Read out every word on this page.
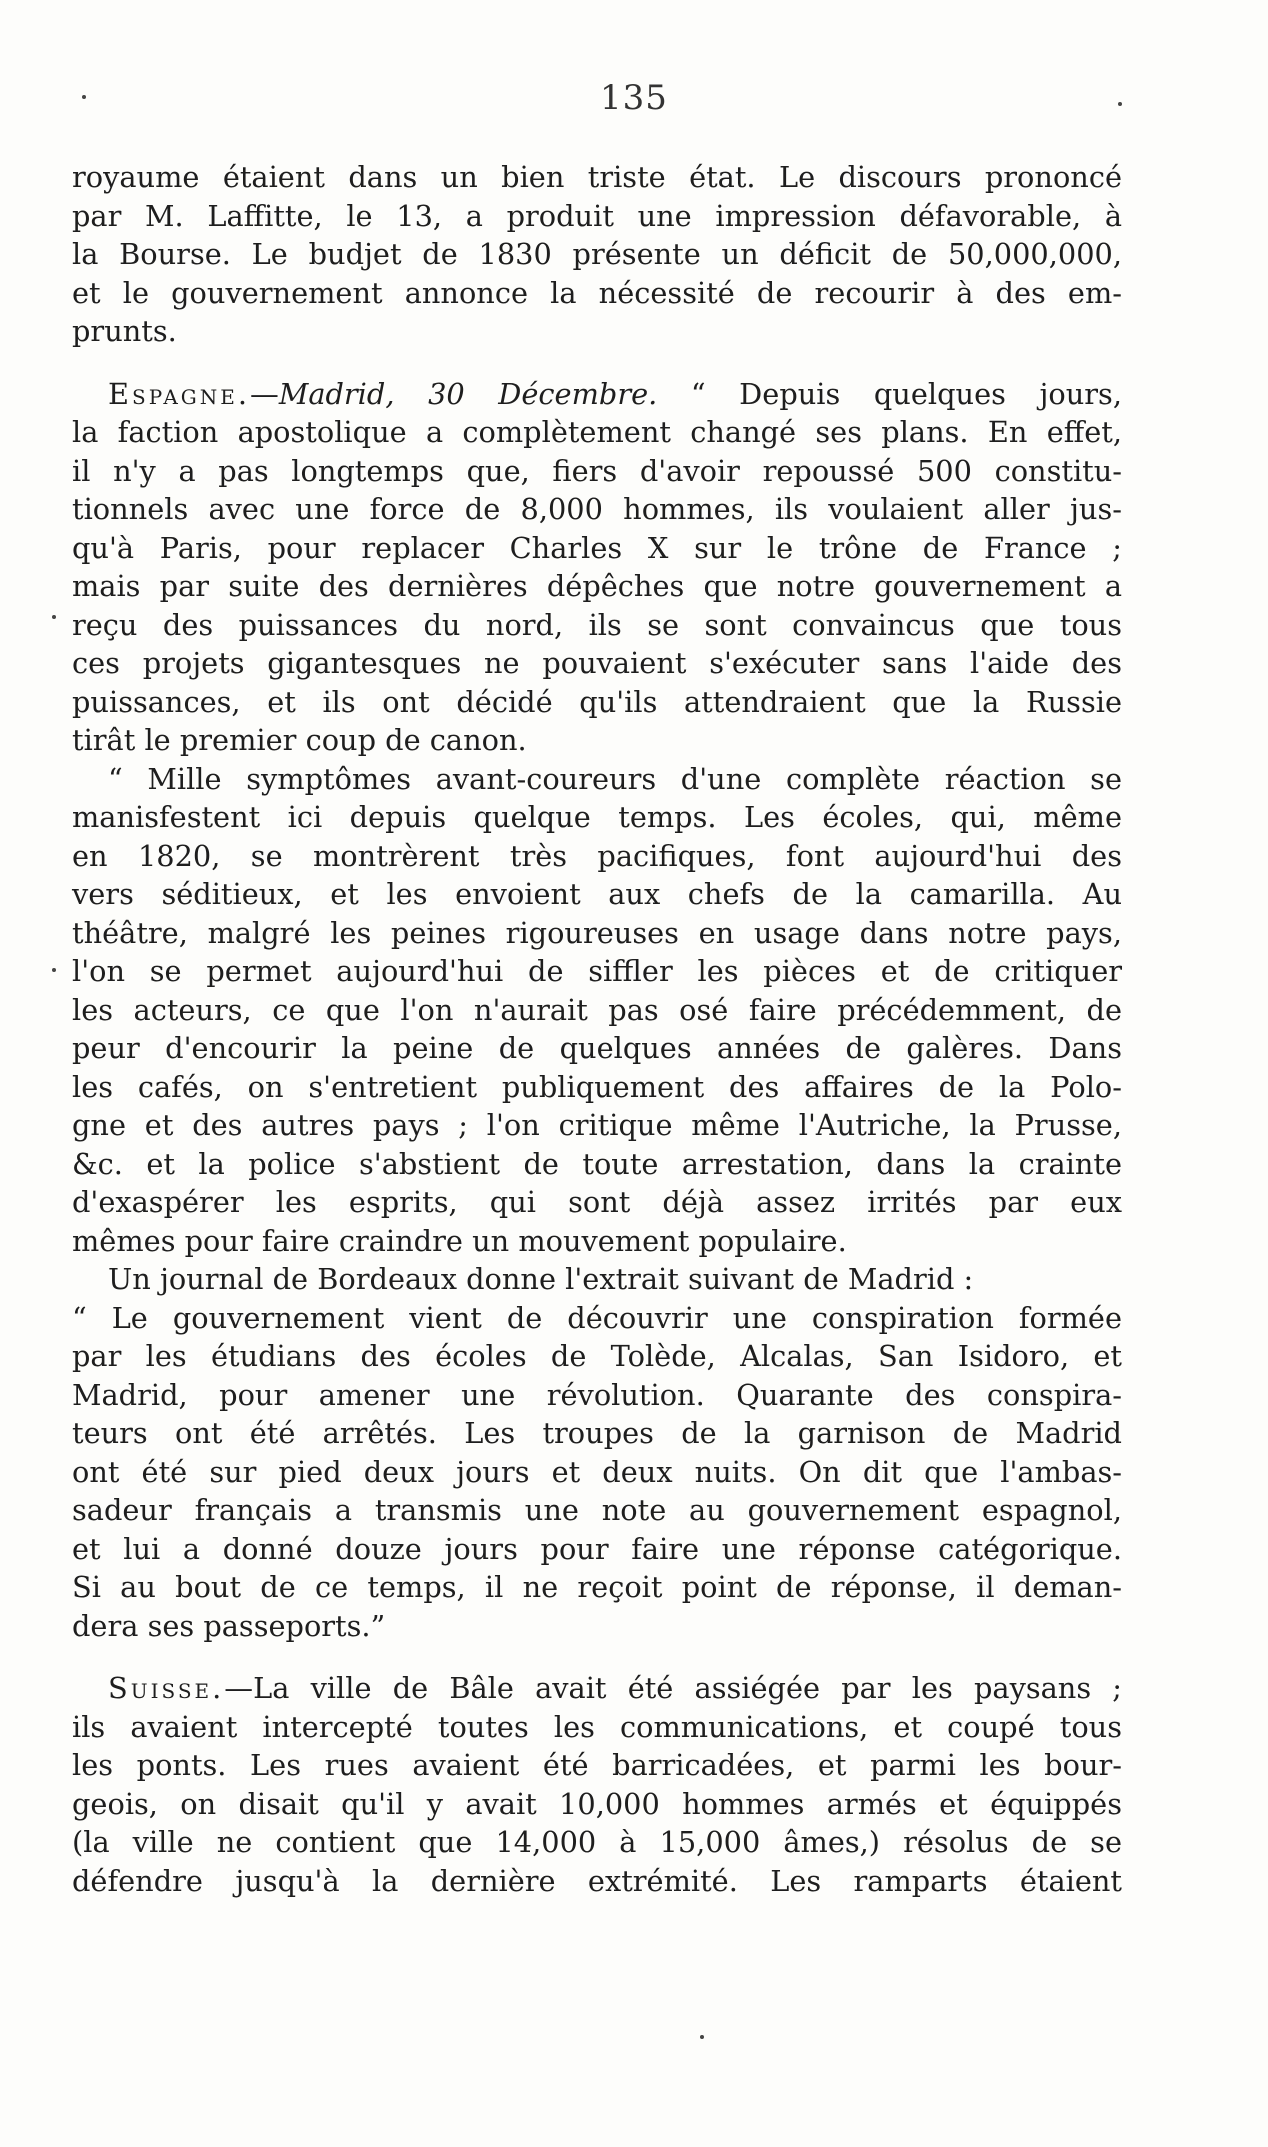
135
royaume étaient dans un bien triste état. Le discours prononcé
par M. Laffitte, le 13, a produit une impression défavorable, à
la Bourse. Le budjet de 1830 présente un déficit de 50,000,000,
et le gouvernement annonce la nécessité de recourir à des em-
prunts.
Espagne.—Madrid, 30 Décembre. “ Depuis quelques jours,
la faction apostolique a complètement changé ses plans. En effet,
il n'y a pas longtemps que, fiers d'avoir repoussé 500 constitu-
tionnels avec une force de 8,000 hommes, ils voulaient aller jus-
qu'à Paris, pour replacer Charles X sur le trône de France ;
mais par suite des dernières dépêches que notre gouvernement a
reçu des puissances du nord, ils se sont convaincus que tous
ces projets gigantesques ne pouvaient s'exécuter sans l'aide des
puissances, et ils ont décidé qu'ils attendraient que la Russie
tirât le premier coup de canon.
“ Mille symptômes avant-coureurs d'une complète réaction se
manisfestent ici depuis quelque temps. Les écoles, qui, même
en 1820, se montrèrent très pacifiques, font aujourd'hui des
vers séditieux, et les envoient aux chefs de la camarilla. Au
théâtre, malgré les peines rigoureuses en usage dans notre pays,
l'on se permet aujourd'hui de siffler les pièces et de critiquer
les acteurs, ce que l'on n'aurait pas osé faire précédemment, de
peur d'encourir la peine de quelques années de galères. Dans
les cafés, on s'entretient publiquement des affaires de la Polo-
gne et des autres pays ; l'on critique même l'Autriche, la Prusse,
&c. et la police s'abstient de toute arrestation, dans la crainte
d'exaspérer les esprits, qui sont déjà assez irrités par eux
mêmes pour faire craindre un mouvement populaire.
Un journal de Bordeaux donne l'extrait suivant de Madrid :
“ Le gouvernement vient de découvrir une conspiration formée
par les étudians des écoles de Tolède, Alcalas, San Isidoro, et
Madrid, pour amener une révolution. Quarante des conspira-
teurs ont été arrêtés. Les troupes de la garnison de Madrid
ont été sur pied deux jours et deux nuits. On dit que l'ambas-
sadeur français a transmis une note au gouvernement espagnol,
et lui a donné douze jours pour faire une réponse catégorique.
Si au bout de ce temps, il ne reçoit point de réponse, il deman-
dera ses passeports.”
Suisse.—La ville de Bâle avait été assiégée par les paysans ;
ils avaient intercepté toutes les communications, et coupé tous
les ponts. Les rues avaient été barricadées, et parmi les bour-
geois, on disait qu'il y avait 10,000 hommes armés et équippés
(la ville ne contient que 14,000 à 15,000 âmes,) résolus de se
défendre jusqu'à la dernière extrémité. Les ramparts étaient
